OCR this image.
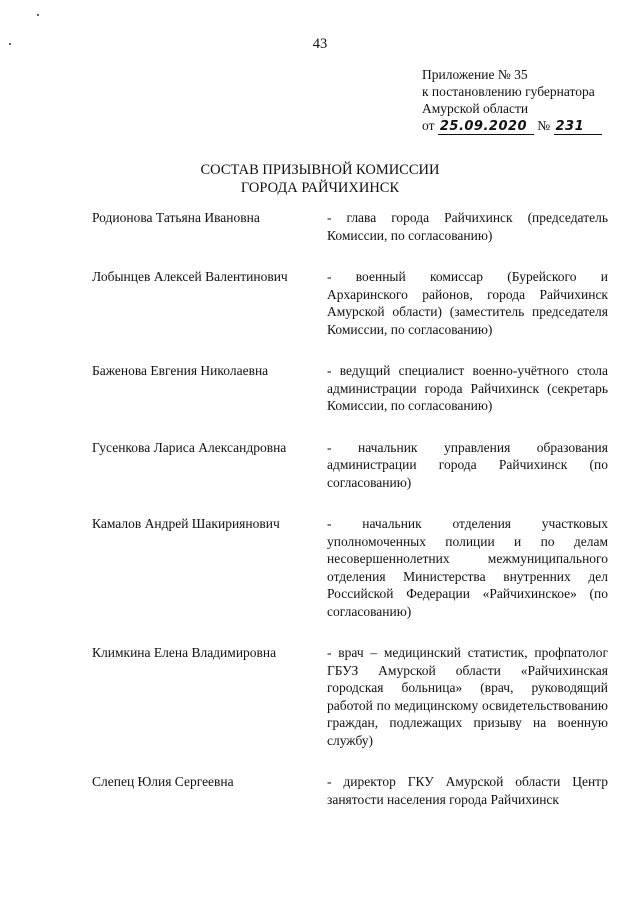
43
Приложение № 35
к постановлению губернатора
Амурской области
от 25.09.2020 № 231
СОСТАВ ПРИЗЫВНОЙ КОМИССИИ
ГОРОДА РАЙЧИХИНСК
Родионова Татьяна Ивановна	- глава города Райчихинск (председатель Комиссии, по согласованию)
Лобынцев Алексей Валентинович	- военный комиссар (Бурейского и Архаринского районов, города Райчихинск Амурской области) (заместитель председателя Комиссии, по согласованию)
Баженова Евгения Николаевна	- ведущий специалист военно-учётного стола администрации города Райчихинск (секретарь Комиссии, по согласованию)
Гусенкова Лариса Александровна	- начальник управления образования администрации города Райчихинск (по согласованию)
Камалов Андрей Шакириянович	- начальник отделения участковых уполномоченных полиции и по делам несовершеннолетних межмуниципального отделения Министерства внутренних дел Российской Федерации «Райчихинское» (по согласованию)
Климкина Елена Владимировна	- врач – медицинский статистик, профпатолог ГБУЗ Амурской области «Райчихинская городская больница» (врач, руководящий работой по медицинскому освидетельствованию граждан, подлежащих призыву на военную службу)
Слепец Юлия Сергеевна	- директор ГКУ Амурской области Центр занятости населения города Райчихинск
